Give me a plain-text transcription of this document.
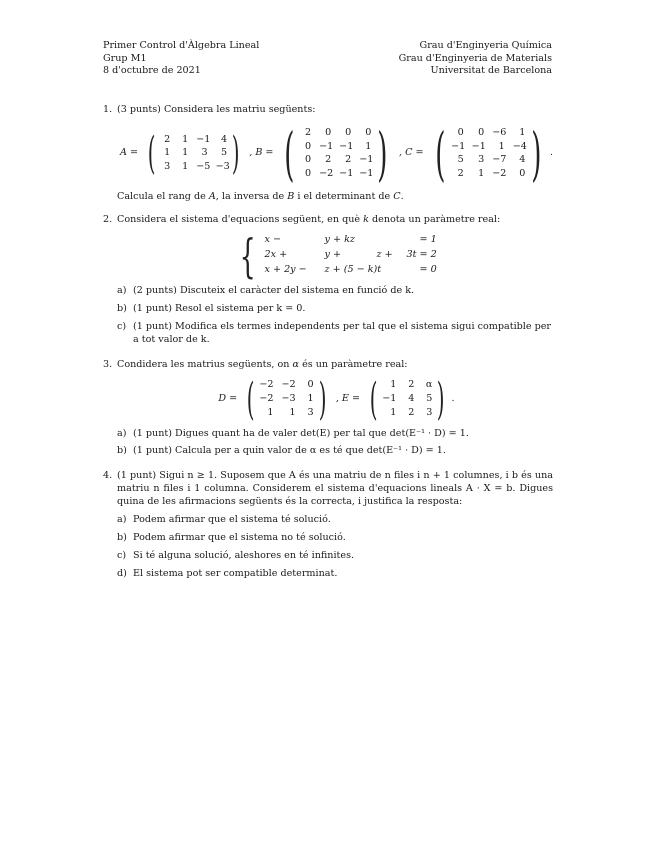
Primer Control d'Àlgebra Lineal
Grup M1
8 d'octubre de 2021
Grau d'Enginyeria Química
Grau d'Enginyeria de Materials
Universitat de Barcelona
1. (3 punts) Considera les matriu següents:

A = ( 2	1 −1	4
1	1	3	5
3	1 −5 −3 ) , B = (	2	0	0	0
0 −1 −1	1
0	2	2 −1
0 −2 −1 −1 ) , C = (	0	0 −6	1
−1 −1	1 −4
5	3 −7	4
2	1 −2	0 ) .

Calcula el rang de A, la inversa de B i el determinant de C.

2. Considera el sistema d'equacions següent, en què k denota un paràmetre real:

{ x −	y + kz	= 1
2x +	y +	z +	3t = 2
x + 2y −	z + (5 − k)t	= 0
a) (2 punts) Discuteix el caràcter del sistema en funció de k.
b) (1 punt) Resol el sistema per k = 0.
c) (1 punt) Modifica els termes independents per tal que el sistema sigui compatible per a tot valor de k.
3. Condidera les matrius següents, on α és un paràmetre real:

D = ( −2 −2	0
−2 −3	1
1	1	3 ) , E = (	1	2	α
−1	4	5
1	2	3 ) .
a) (1 punt) Digues quant ha de valer det(E) per tal que det(E⁻¹ · D) = 1.
b) (1 punt) Calcula per a quin valor de α es té que det(E⁻¹ · D) = 1.
4. (1 punt) Sigui n ≥ 1. Suposem que A és una matriu de n files i n + 1 columnes, i b és una matriu n files i 1 columna. Considerem el sistema d'equacions lineals A · X = b. Digues quina de les afirmacions següents és la correcta, i justifica la resposta:

a) Podem afirmar que el sistema té solució.
b) Podem afirmar que el sistema no té solució.
c) Si té alguna solució, aleshores en té infinites.
d) El sistema pot ser compatible determinat.
